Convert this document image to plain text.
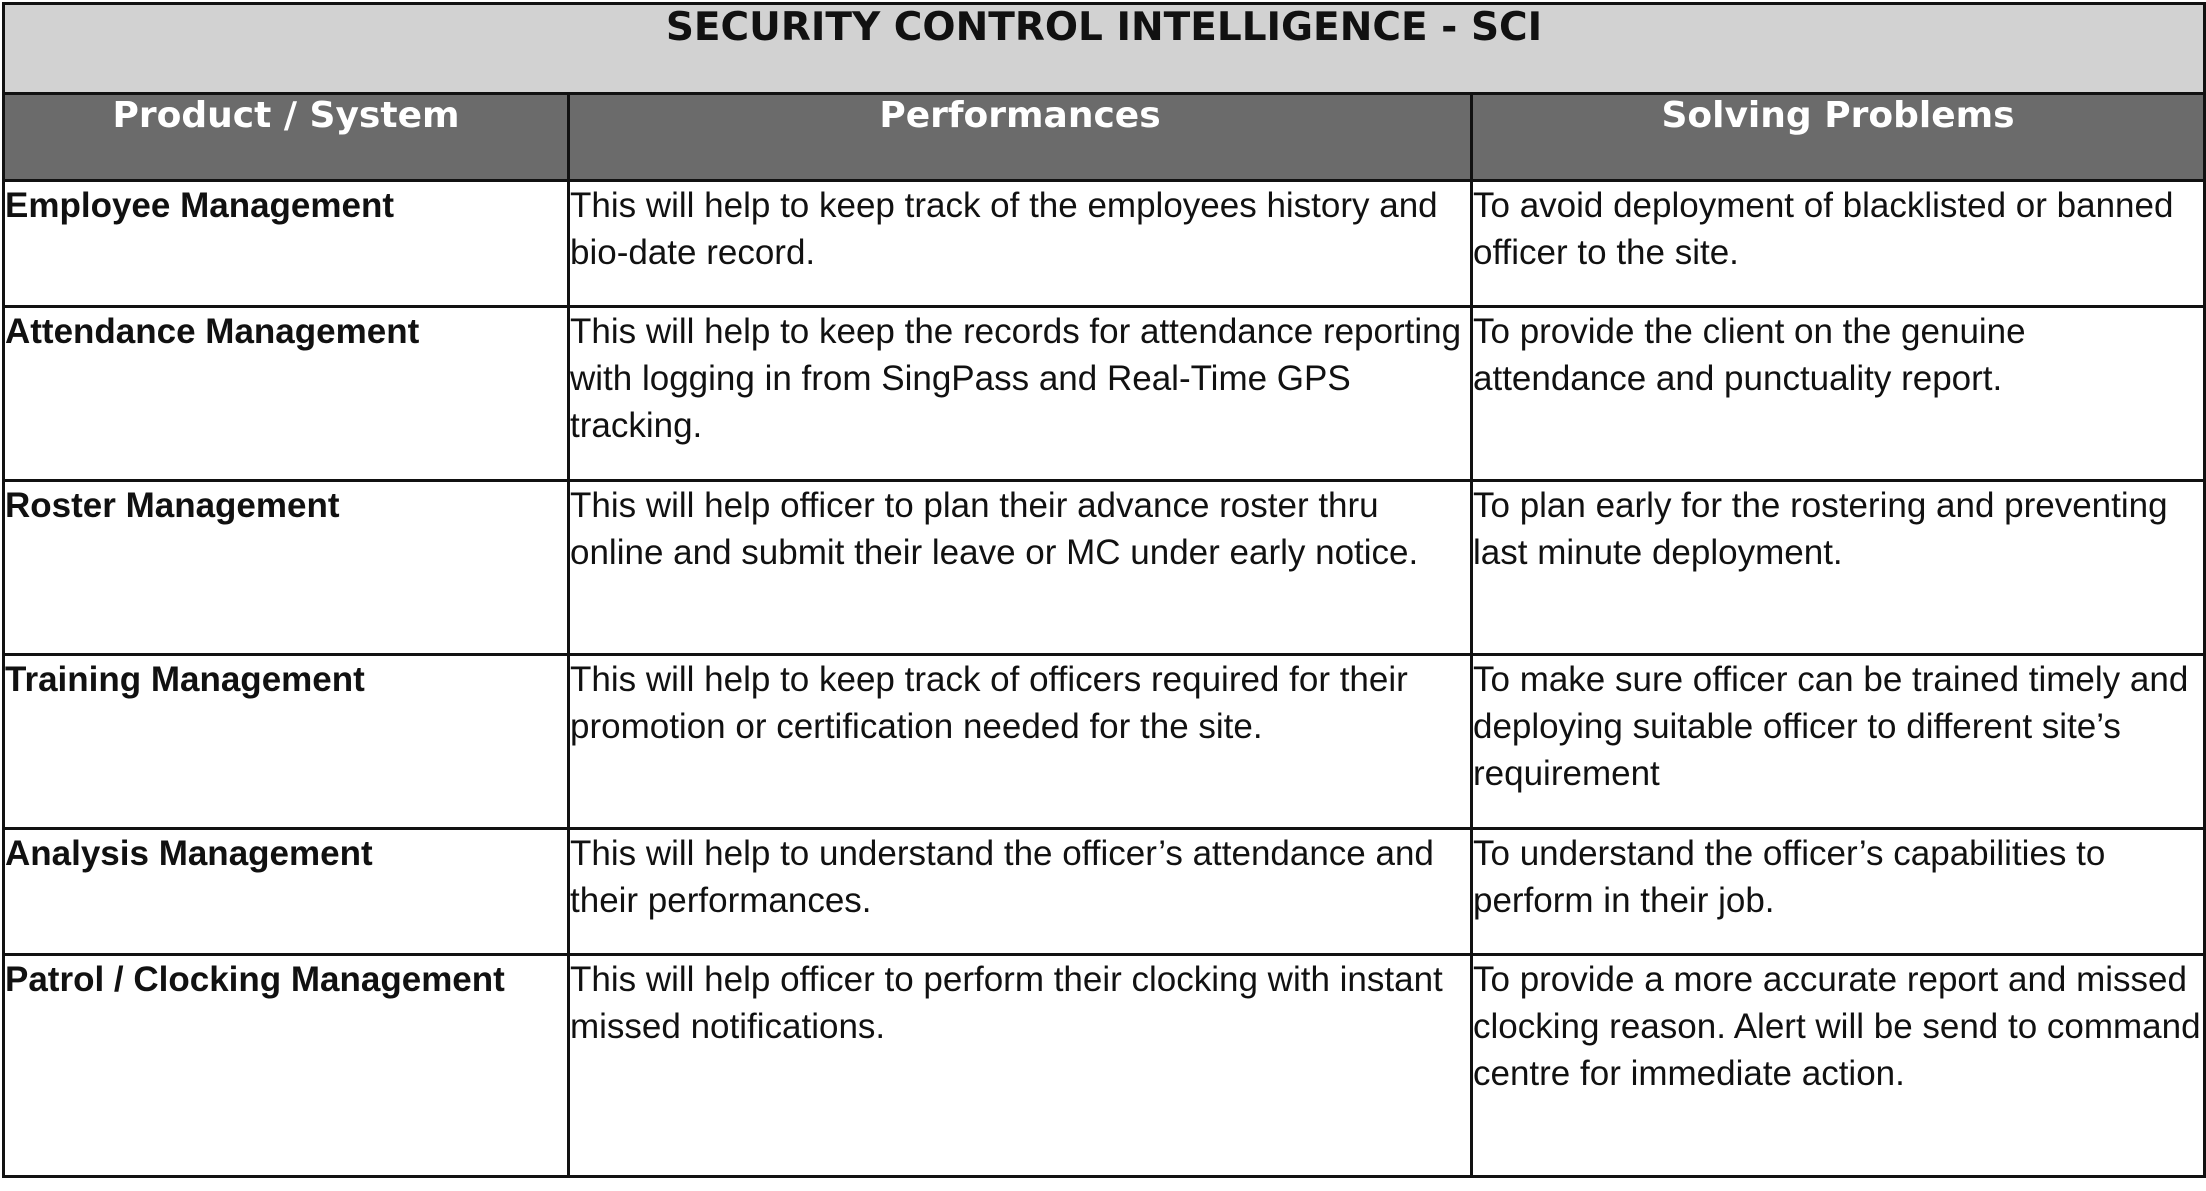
SECURITY CONTROL INTELLIGENCE - SCI		
Product / System	Performances	Solving Problems
Employee Management	This will help to keep track of the employees history and bio-date record.	To avoid deployment of blacklisted or banned officer to the site.
Attendance Management	This will help to keep the records for attendance reporting with logging in from SingPass and Real-Time GPS tracking.	To provide the client on the genuine attendance and punctuality report.
Roster Management	This will help officer to plan their advance roster thru online and submit their leave or MC under early notice.	To plan early for the rostering and preventing last minute deployment.
Training Management	This will help to keep track of officers required for their promotion or certification needed for the site.	To make sure officer can be trained timely and deploying suitable officer to different site’s requirement
Analysis Management	This will help to understand the officer’s attendance and their performances.	To understand the officer’s capabilities to perform in their job.
Patrol / Clocking Management	This will help officer to perform their clocking with instant missed notifications.	To provide a more accurate report and missed clocking reason. Alert will be send to command centre for immediate action.
